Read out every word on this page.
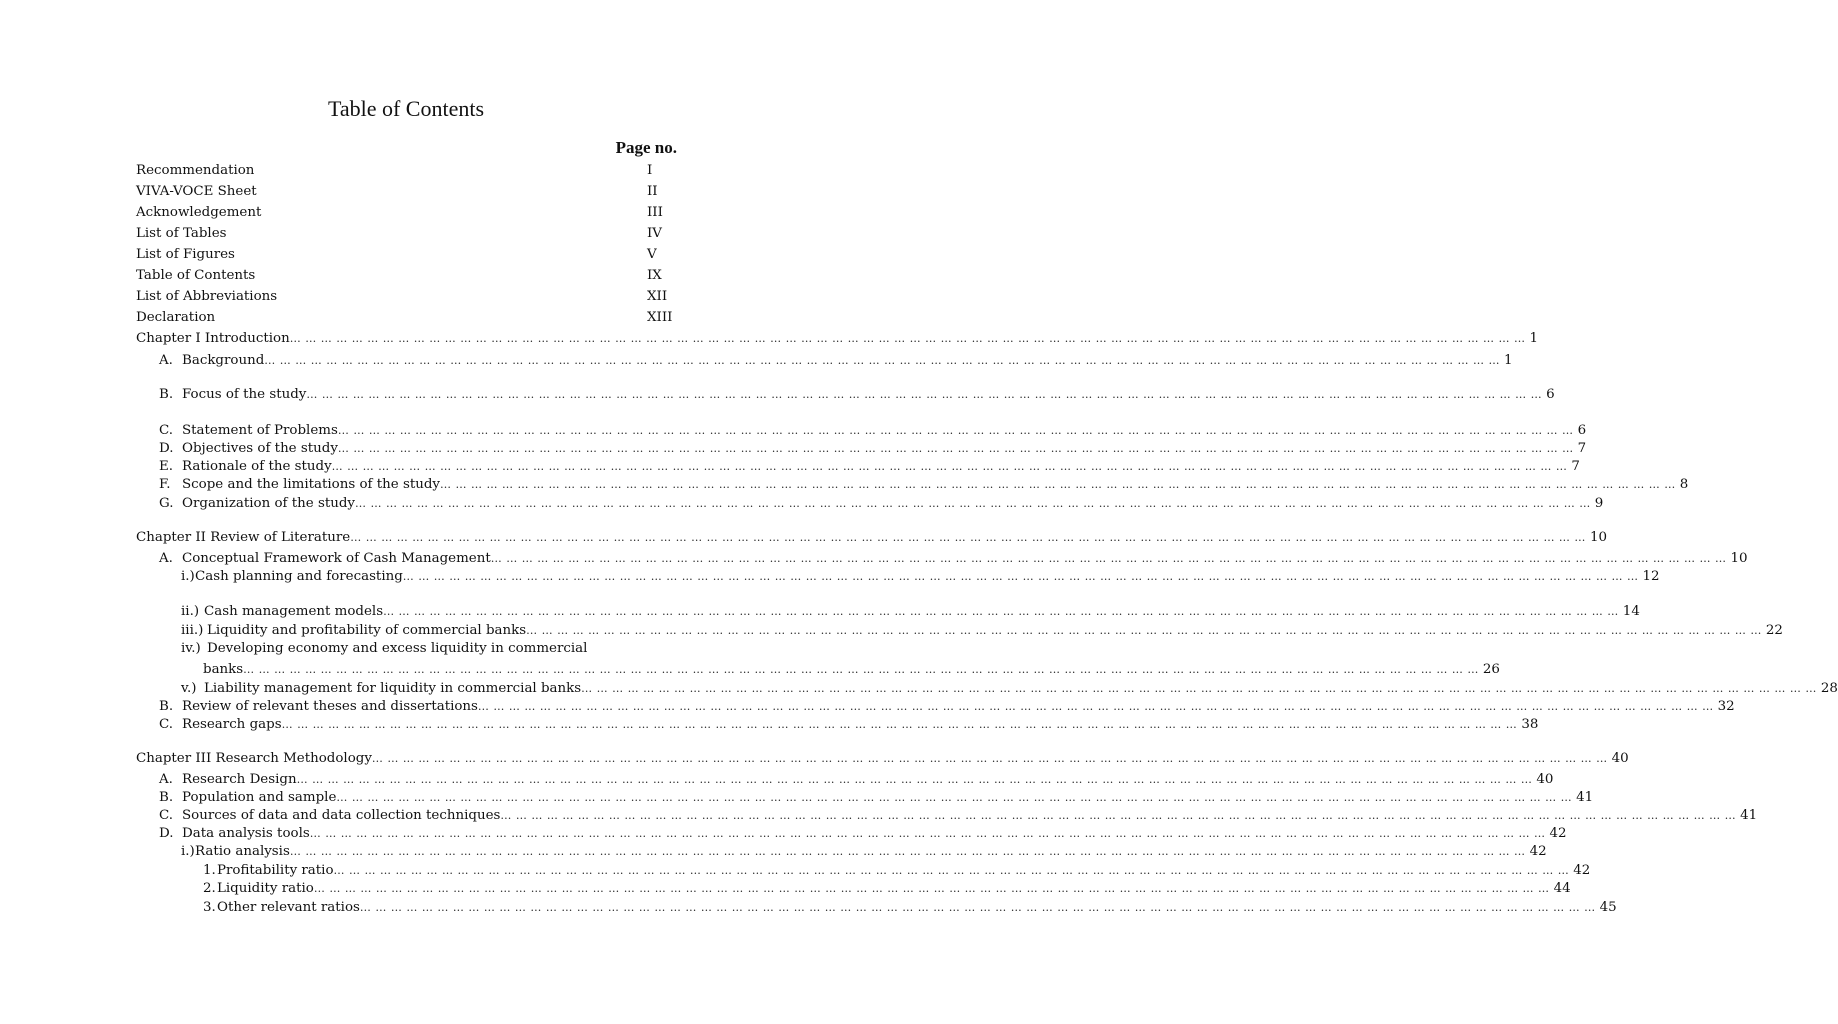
Table of Contents
Page no.
Recommendation	I
VIVA-VOCE Sheet	II
Acknowledgement	III
List of Tables	IV
List of Figures	V
Table of Contents	IX
List of Abbreviations	XII
Declaration	XIII
Chapter I Introduction … … … … … … … … … … … … … … … … … … … … … … … … … … … … … … … … … … … … … … … … … … … … … … … … … … … … … … … … … … … … … … … … … … … … … … … … … … … … … … … … 1
A. Background … … … … … … … … … … … … … … … … … … … … … … … … … … … … … … … … … … … … … … … … … … … … … … … … … … … … … … … … … … … … … … … … … … … … … … … … … … … … … … … … 1
B. Focus of the study … … … … … … … … … … … … … … … … … … … … … … … … … … … … … … … … … … … … … … … … … … … … … … … … … … … … … … … … … … … … … … … … … … … … … … … … … … … … … … … … 6
C. Statement of Problems … … … … … … … … … … … … … … … … … … … … … … … … … … … … … … … … … … … … … … … … … … … … … … … … … … … … … … … … … … … … … … … … … … … … … … … … … … … … … … … … 6
D. Objectives of the study … … … … … … … … … … … … … … … … … … … … … … … … … … … … … … … … … … … … … … … … … … … … … … … … … … … … … … … … … … … … … … … … … … … … … … … … … … … … … … … … 7
E. Rationale of the study … … … … … … … … … … … … … … … … … … … … … … … … … … … … … … … … … … … … … … … … … … … … … … … … … … … … … … … … … … … … … … … … … … … … … … … … … … … … … … … … 7
F. Scope and the limitations of the study … … … … … … … … … … … … … … … … … … … … … … … … … … … … … … … … … … … … … … … … … … … … … … … … … … … … … … … … … … … … … … … … … … … … … … … … … … … … … … … … 8
G. Organization of the study … … … … … … … … … … … … … … … … … … … … … … … … … … … … … … … … … … … … … … … … … … … … … … … … … … … … … … … … … … … … … … … … … … … … … … … … … … … … … … … … 9
Chapter II Review of Literature … … … … … … … … … … … … … … … … … … … … … … … … … … … … … … … … … … … … … … … … … … … … … … … … … … … … … … … … … … … … … … … … … … … … … … … … … … … … … … … … 10
A. Conceptual Framework of Cash Management … … … … … … … … … … … … … … … … … … … … … … … … … … … … … … … … … … … … … … … … … … … … … … … … … … … … … … … … … … … … … … … … … … … … … … … … … … … … … … … … 10
i.)Cash planning and forecasting … … … … … … … … … … … … … … … … … … … … … … … … … … … … … … … … … … … … … … … … … … … … … … … … … … … … … … … … … … … … … … … … … … … … … … … … … … … … … … … … 12
ii.) Cash management models … … … … … … … … … … … … … … … … … … … … … … … … … … … … … … … … … … … … … … … … … … … … … … … … … … … … … … … … … … … … … … … … … … … … … … … … … … … … … … … … 14
iii.) Liquidity and profitability of commercial banks … … … … … … … … … … … … … … … … … … … … … … … … … … … … … … … … … … … … … … … … … … … … … … … … … … … … … … … … … … … … … … … … … … … … … … … … … … … … … … … … 22
iv.) Developing economy and excess liquidity in commercial
banks … … … … … … … … … … … … … … … … … … … … … … … … … … … … … … … … … … … … … … … … … … … … … … … … … … … … … … … … … … … … … … … … … … … … … … … … … … … … … … … … 26
v.) Liability management for liquidity in commercial banks … … … … … … … … … … … … … … … … … … … … … … … … … … … … … … … … … … … … … … … … … … … … … … … … … … … … … … … … … … … … … … … … … … … … … … … … … … … … … … … … 28
B. Review of relevant theses and dissertations … … … … … … … … … … … … … … … … … … … … … … … … … … … … … … … … … … … … … … … … … … … … … … … … … … … … … … … … … … … … … … … … … … … … … … … … … … … … … … … … 32
C. Research gaps … … … … … … … … … … … … … … … … … … … … … … … … … … … … … … … … … … … … … … … … … … … … … … … … … … … … … … … … … … … … … … … … … … … … … … … … … … … … … … … … 38
Chapter III Research Methodology … … … … … … … … … … … … … … … … … … … … … … … … … … … … … … … … … … … … … … … … … … … … … … … … … … … … … … … … … … … … … … … … … … … … … … … … … … … … … … … … 40
A. Research Design … … … … … … … … … … … … … … … … … … … … … … … … … … … … … … … … … … … … … … … … … … … … … … … … … … … … … … … … … … … … … … … … … … … … … … … … … … … … … … … … 40
B. Population and sample … … … … … … … … … … … … … … … … … … … … … … … … … … … … … … … … … … … … … … … … … … … … … … … … … … … … … … … … … … … … … … … … … … … … … … … … … … … … … … … … 41
C. Sources of data and data collection techniques … … … … … … … … … … … … … … … … … … … … … … … … … … … … … … … … … … … … … … … … … … … … … … … … … … … … … … … … … … … … … … … … … … … … … … … … … … … … … … … … 41
D. Data analysis tools … … … … … … … … … … … … … … … … … … … … … … … … … … … … … … … … … … … … … … … … … … … … … … … … … … … … … … … … … … … … … … … … … … … … … … … … … … … … … … … … 42
i.)Ratio analysis … … … … … … … … … … … … … … … … … … … … … … … … … … … … … … … … … … … … … … … … … … … … … … … … … … … … … … … … … … … … … … … … … … … … … … … … … … … … … … … … 42
1.Profitability ratio … … … … … … … … … … … … … … … … … … … … … … … … … … … … … … … … … … … … … … … … … … … … … … … … … … … … … … … … … … … … … … … … … … … … … … … … … … … … … … … … 42
2.Liquidity ratio … … … … … … … … … … … … … … … … … … … … … … … … … … … … … … … … … … … … … … … … … … … … … … … … … … … … … … … … … … … … … … … … … … … … … … … … … … … … … … … … 44
3.Other relevant ratios … … … … … … … … … … … … … … … … … … … … … … … … … … … … … … … … … … … … … … … … … … … … … … … … … … … … … … … … … … … … … … … … … … … … … … … … … … … … … … … … 45
